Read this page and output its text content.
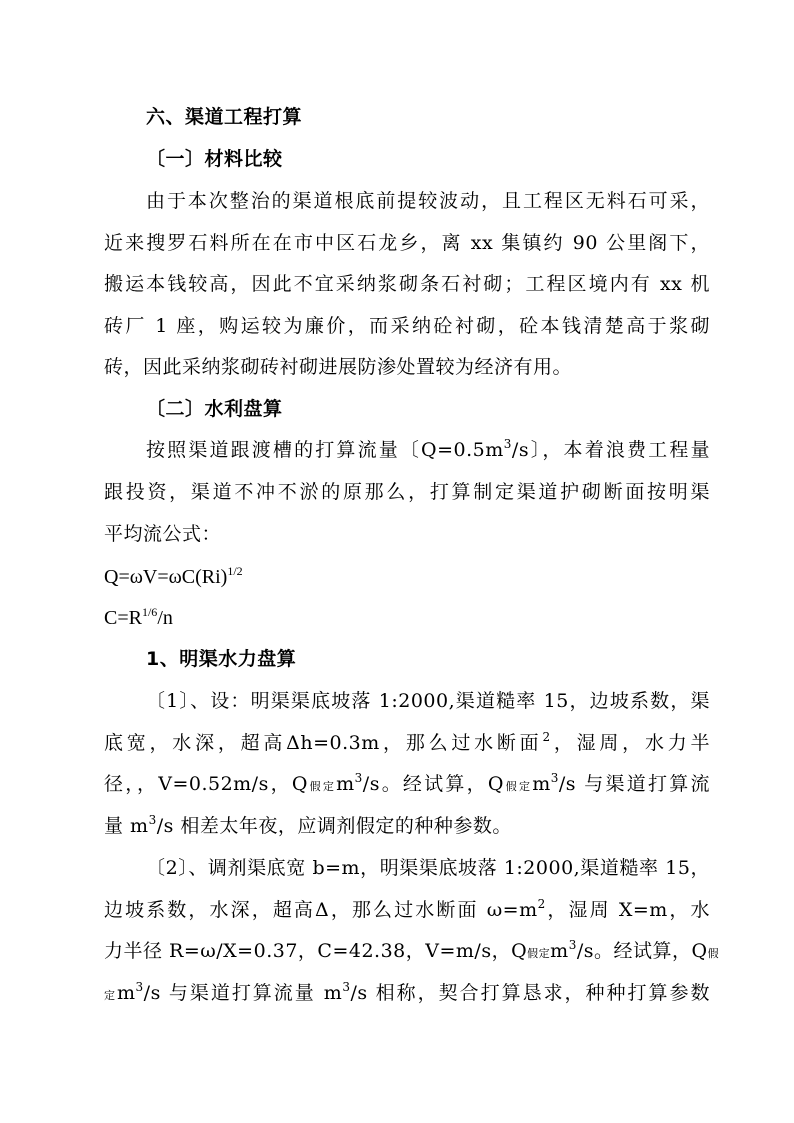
六、渠道工程打算
〔一〕材料比较
由于本次整治的渠道根底前提较波动，且工程区无料石可采，
近来搜罗石料所在在市中区石龙乡，离 xx 集镇约 90 公里阁下，
搬运本钱较高，因此不宜采纳浆砌条石衬砌；工程区境内有 xx 机
砖厂 1 座，购运较为廉价，而采纳砼衬砌，砼本钱清楚高于浆砌
砖，因此采纳浆砌砖衬砌进展防渗处置较为经济有用。
〔二〕水利盘算
按照渠道跟渡槽的打算流量〔$Q=0.5m^3/s$〕，本着浪费工程量
跟投资，渠道不冲不淤的原那么，打算制定渠道护砌断面按明渠
平均流公式：
$Q=\omega V=\omega C(Ri)^{1/2}$
$C=R^{1/6}/n$
1、明渠水力盘算
〔1〕、设：明渠渠底坡落 1:2000,渠道糙率 15，边坡系数，渠
底宽，水深，超高Δh=0.3m，那么过水断面$^2$，湿周，水力半
径，，V=0.52m/s，Q假定$m^3/s$。经试算，Q假定$m^3/s$ 与渠道打算流
量 $m^3/s$ 相差太年夜，应调剂假定的种种参数。
〔2〕、调剂渠底宽 b=m，明渠渠底坡落 1:2000,渠道糙率 15，
边坡系数，水深，超高Δ，那么过水断面 $\omega=m^2$，湿周 X=m，水
力半径 R=ω/X=0.37，C=42.38，V=m/s，Q假定$m^3/s$。经试算，Q假
定$m^3/s$ 与渠道打算流量 $m^3/s$ 相称，契合打算恳求，种种打算参数
